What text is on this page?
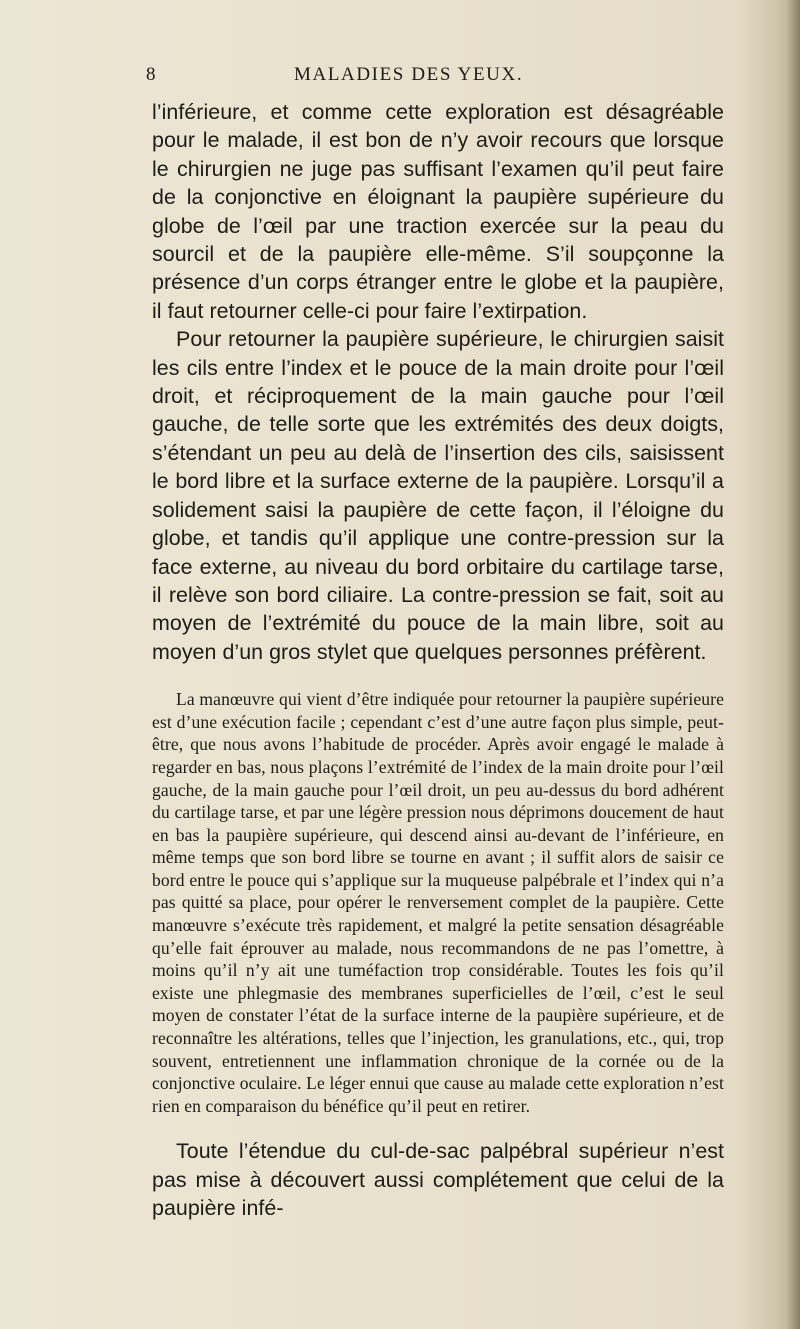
8	MALADIES DES YEUX.

l’inférieure, et comme cette exploration est désagréable pour le malade, il est bon de n’y avoir recours que lorsque le chirurgien ne juge pas suffisant l’examen qu’il peut faire de la conjonctive en éloignant la paupière supérieure du globe de l’œil par une traction exercée sur la peau du sourcil et de la paupière elle-même. S’il soupçonne la présence d’un corps étranger entre le globe et la paupière, il faut retourner celle-ci pour faire l’extirpation.

Pour retourner la paupière supérieure, le chirurgien saisit les cils entre l’index et le pouce de la main droite pour l’œil droit, et réciproquement de la main gauche pour l’œil gauche, de telle sorte que les extrémités des deux doigts, s’étendant un peu au delà de l’insertion des cils, saisissent le bord libre et la surface externe de la paupière. Lorsqu’il a solidement saisi la paupière de cette façon, il l’éloigne du globe, et tandis qu’il applique une contre-pression sur la face externe, au niveau du bord orbitaire du cartilage tarse, il relève son bord ciliaire. La contre-pression se fait, soit au moyen de l’extrémité du pouce de la main libre, soit au moyen d’un gros stylet que quelques personnes préfèrent.

La manœuvre qui vient d’être indiquée pour retourner la paupière supérieure est d’une exécution facile ; cependant c’est d’une autre façon plus simple, peut-être, que nous avons l’habitude de procéder. Après avoir engagé le malade à regarder en bas, nous plaçons l’extrémité de l’index de la main droite pour l’œil gauche, de la main gauche pour l’œil droit, un peu au-dessus du bord adhérent du cartilage tarse, et par une légère pression nous déprimons doucement de haut en bas la paupière supérieure, qui descend ainsi au-devant de l’inférieure, en même temps que son bord libre se tourne en avant ; il suffit alors de saisir ce bord entre le pouce qui s’applique sur la muqueuse palpébrale et l’index qui n’a pas quitté sa place, pour opérer le renversement complet de la paupière. Cette manœuvre s’exécute très rapidement, et malgré la petite sensation désagréable qu’elle fait éprouver au malade, nous recommandons de ne pas l’omettre, à moins qu’il n’y ait une tuméfaction trop considérable. Toutes les fois qu’il existe une phlegmasie des membranes superficielles de l’œil, c’est le seul moyen de constater l’état de la surface interne de la paupière supérieure, et de reconnaître les altérations, telles que l’injection, les granulations, etc., qui, trop souvent, entretiennent une inflammation chronique de la cornée ou de la conjonctive oculaire. Le léger ennui que cause au malade cette exploration n’est rien en comparaison du bénéfice qu’il peut en retirer.

Toute l’étendue du cul-de-sac palpébral supérieur n’est pas mise à découvert aussi complétement que celui de la paupière infé-
